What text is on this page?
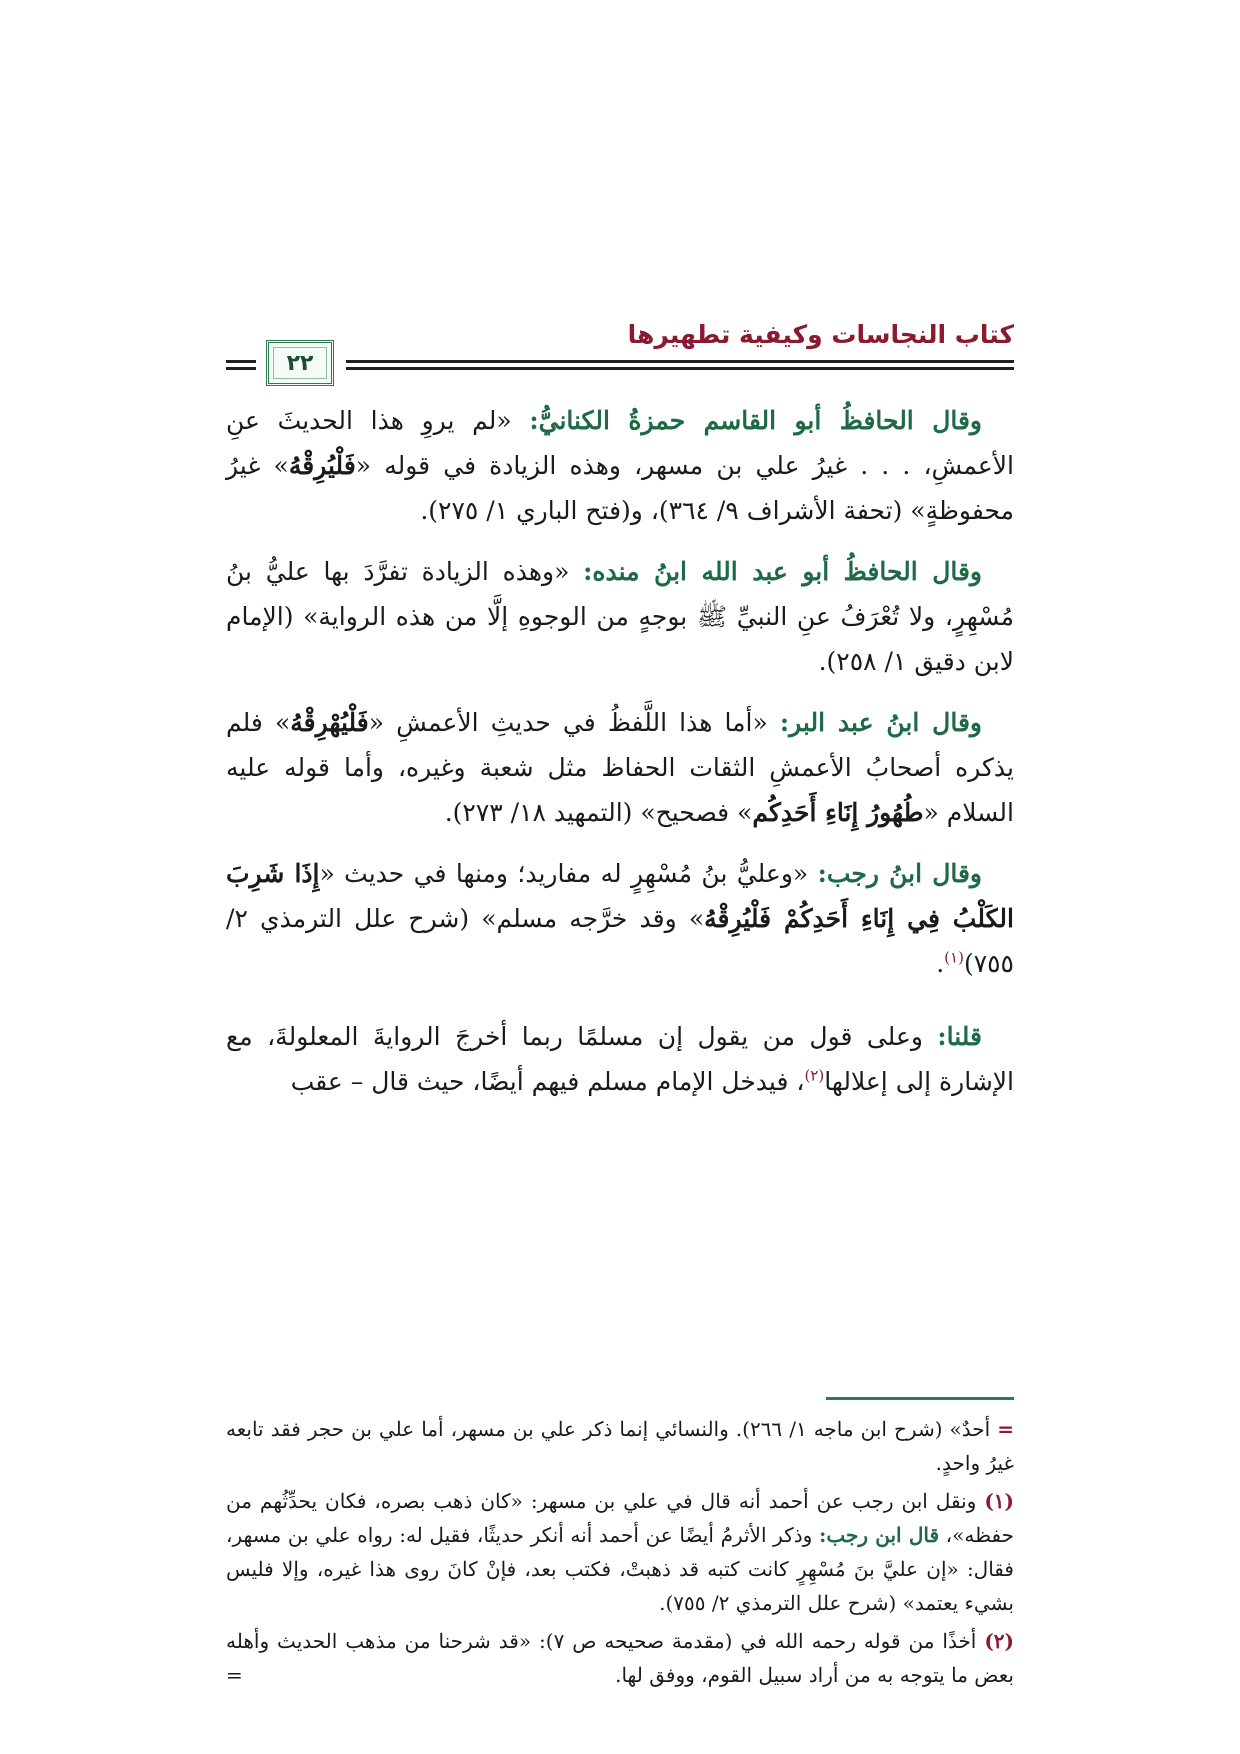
كتاب النجاسات وكيفية تطهيرها
٢٢

وقال الحافظُ أبو القاسم حمزةُ الكنانيُّ: «لم يروِ هذا الحديثَ عنِ الأعمشِ، . . . غيرُ علي بن مسهر، وهذه الزيادة في قوله «فَلْيُرِقْهُ» غيرُ محفوظةٍ» (تحفة الأشراف ٩/ ٣٦٤)، و(فتح الباري ١/ ٢٧٥).

وقال الحافظُ أبو عبد الله ابنُ منده: «وهذه الزيادة تفرَّدَ بها عليُّ بنُ مُسْهِرٍ، ولا تُعْرَفُ عنِ النبيِّ ﷺ بوجهٍ من الوجوهِ إلَّا من هذه الرواية» (الإمام لابن دقيق ١/ ٢٥٨).

وقال ابنُ عبد البر: «أما هذا اللَّفظُ في حديثِ الأعمشِ «فَلْيُهْرِقْهُ» فلم يذكره أصحابُ الأعمشِ الثقات الحفاظ مثل شعبة وغيره، وأما قوله عليه السلام «طُهُورُ إِنَاءِ أَحَدِكُم» فصحيح» (التمهيد ١٨/ ٢٧٣).

وقال ابنُ رجب: «وعليُّ بنُ مُسْهِرٍ له مفاريد؛ ومنها في حديث «إِذَا شَرِبَ الكَلْبُ فِي إِنَاءِ أَحَدِكُمْ فَلْيُرِقْهُ» وقد خرَّجه مسلم» (شرح علل الترمذي ٢/ ٧٥٥)$^{(١)}$.

قلنا: وعلى قول من يقول إن مسلمًا ربما أخرجَ الروايةَ المعلولةَ، مع الإشارة إلى إعلالها$^{(٢)}$، فيدخل الإمام مسلم فيهم أيضًا، حيث قال – عقب

= أحدٌ» (شرح ابن ماجه ١/ ٢٦٦). والنسائي إنما ذكر علي بن مسهر، أما علي بن حجر فقد تابعه غيرُ واحدٍ.

(١) ونقل ابن رجب عن أحمد أنه قال في علي بن مسهر: «كان ذهب بصره، فكان يحدِّثُهم من حفظه»، قال ابن رجب: وذكر الأثرمُ أيضًا عن أحمد أنه أنكر حديثًا، فقيل له: رواه علي بن مسهر، فقال: «إن عليَّ بنَ مُسْهِرٍ كانت كتبه قد ذهبتْ، فكتب بعد، فإنْ كانَ روى هذا غيره، وإلا فليس بشيء يعتمد» (شرح علل الترمذي ٢/ ٧٥٥).

(٢) أخذًا من قوله رحمه الله في (مقدمة صحيحه ص ٧): «قد شرحنا من مذهب الحديث وأهله بعض ما يتوجه به من أراد سبيل القوم، ووفق لها.
=
